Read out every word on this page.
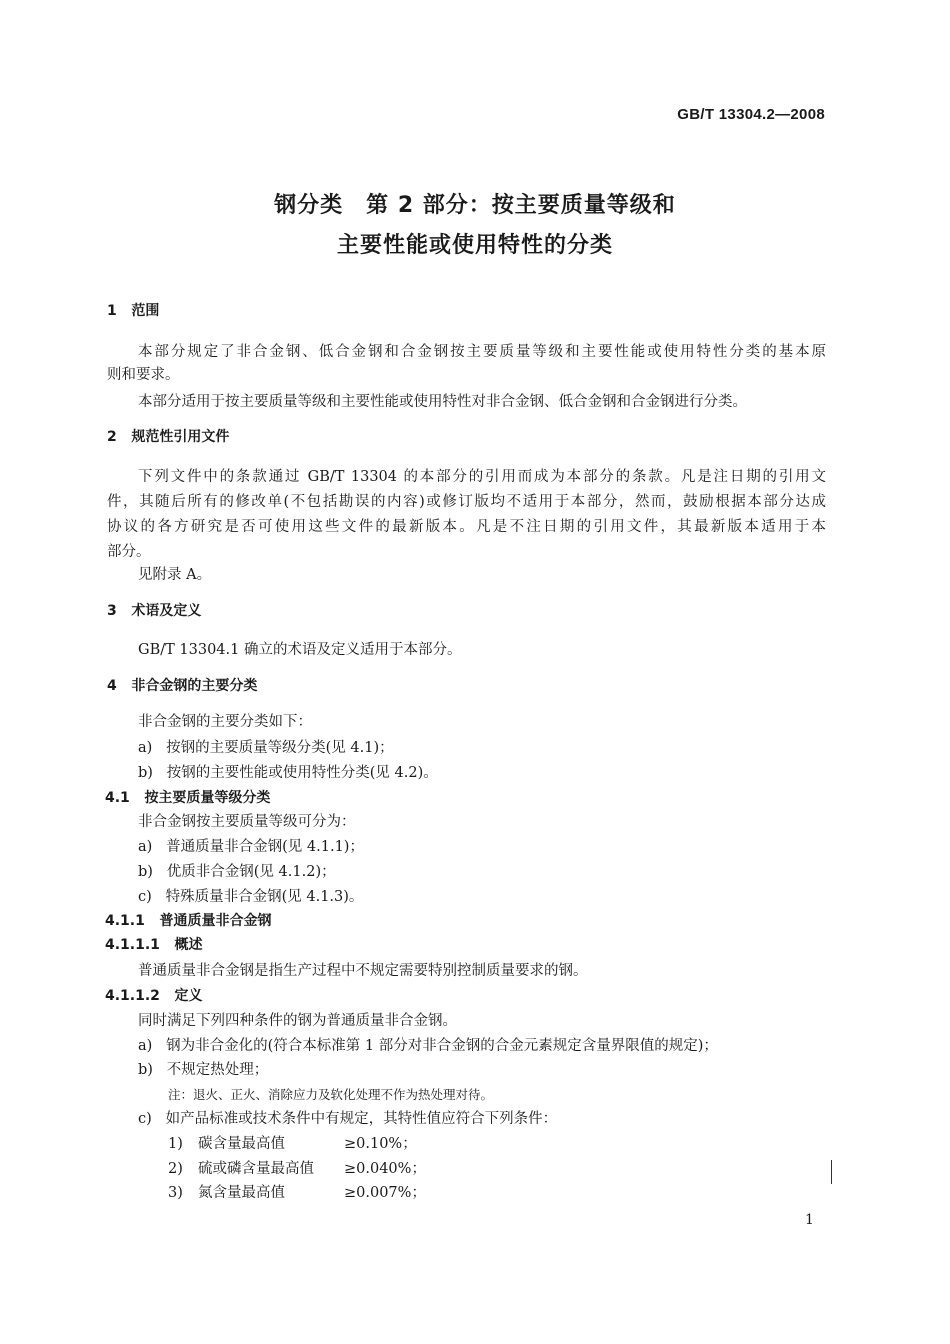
GB/T 13304.2—2008
钢分类　第 2 部分：按主要质量等级和
主要性能或使用特性的分类
1 范围
本部分规定了非合金钢、低合金钢和合金钢按主要质量等级和主要性能或使用特性分类的基本原
则和要求。
本部分适用于按主要质量等级和主要性能或使用特性对非合金钢、低合金钢和合金钢进行分类。
2 规范性引用文件
下列文件中的条款通过 GB/T 13304 的本部分的引用而成为本部分的条款。凡是注日期的引用文
件，其随后所有的修改单(不包括勘误的内容)或修订版均不适用于本部分，然而，鼓励根据本部分达成
协议的各方研究是否可使用这些文件的最新版本。凡是不注日期的引用文件，其最新版本适用于本
部分。
见附录 A。
3 术语及定义
GB/T 13304.1 确立的术语及定义适用于本部分。
4 非合金钢的主要分类
非合金钢的主要分类如下：
a) 按钢的主要质量等级分类(见 4.1)；
b) 按钢的主要性能或使用特性分类(见 4.2)。
4.1 按主要质量等级分类
非合金钢按主要质量等级可分为：
a) 普通质量非合金钢(见 4.1.1)；
b) 优质非合金钢(见 4.1.2)；
c) 特殊质量非合金钢(见 4.1.3)。
4.1.1 普通质量非合金钢
4.1.1.1 概述
普通质量非合金钢是指生产过程中不规定需要特别控制质量要求的钢。
4.1.1.2 定义
同时满足下列四种条件的钢为普通质量非合金钢。
a) 钢为非合金化的(符合本标准第 1 部分对非合金钢的合金元素规定含量界限值的规定)；
b) 不规定热处理；
注：退火、正火、消除应力及软化处理不作为热处理对待。
c) 如产品标准或技术条件中有规定，其特性值应符合下列条件：
1) 碳含量最高值	≥0.10%；
2) 硫或磷含量最高值 ≥0.040%；
3) 氮含量最高值	≥0.007%；
1
